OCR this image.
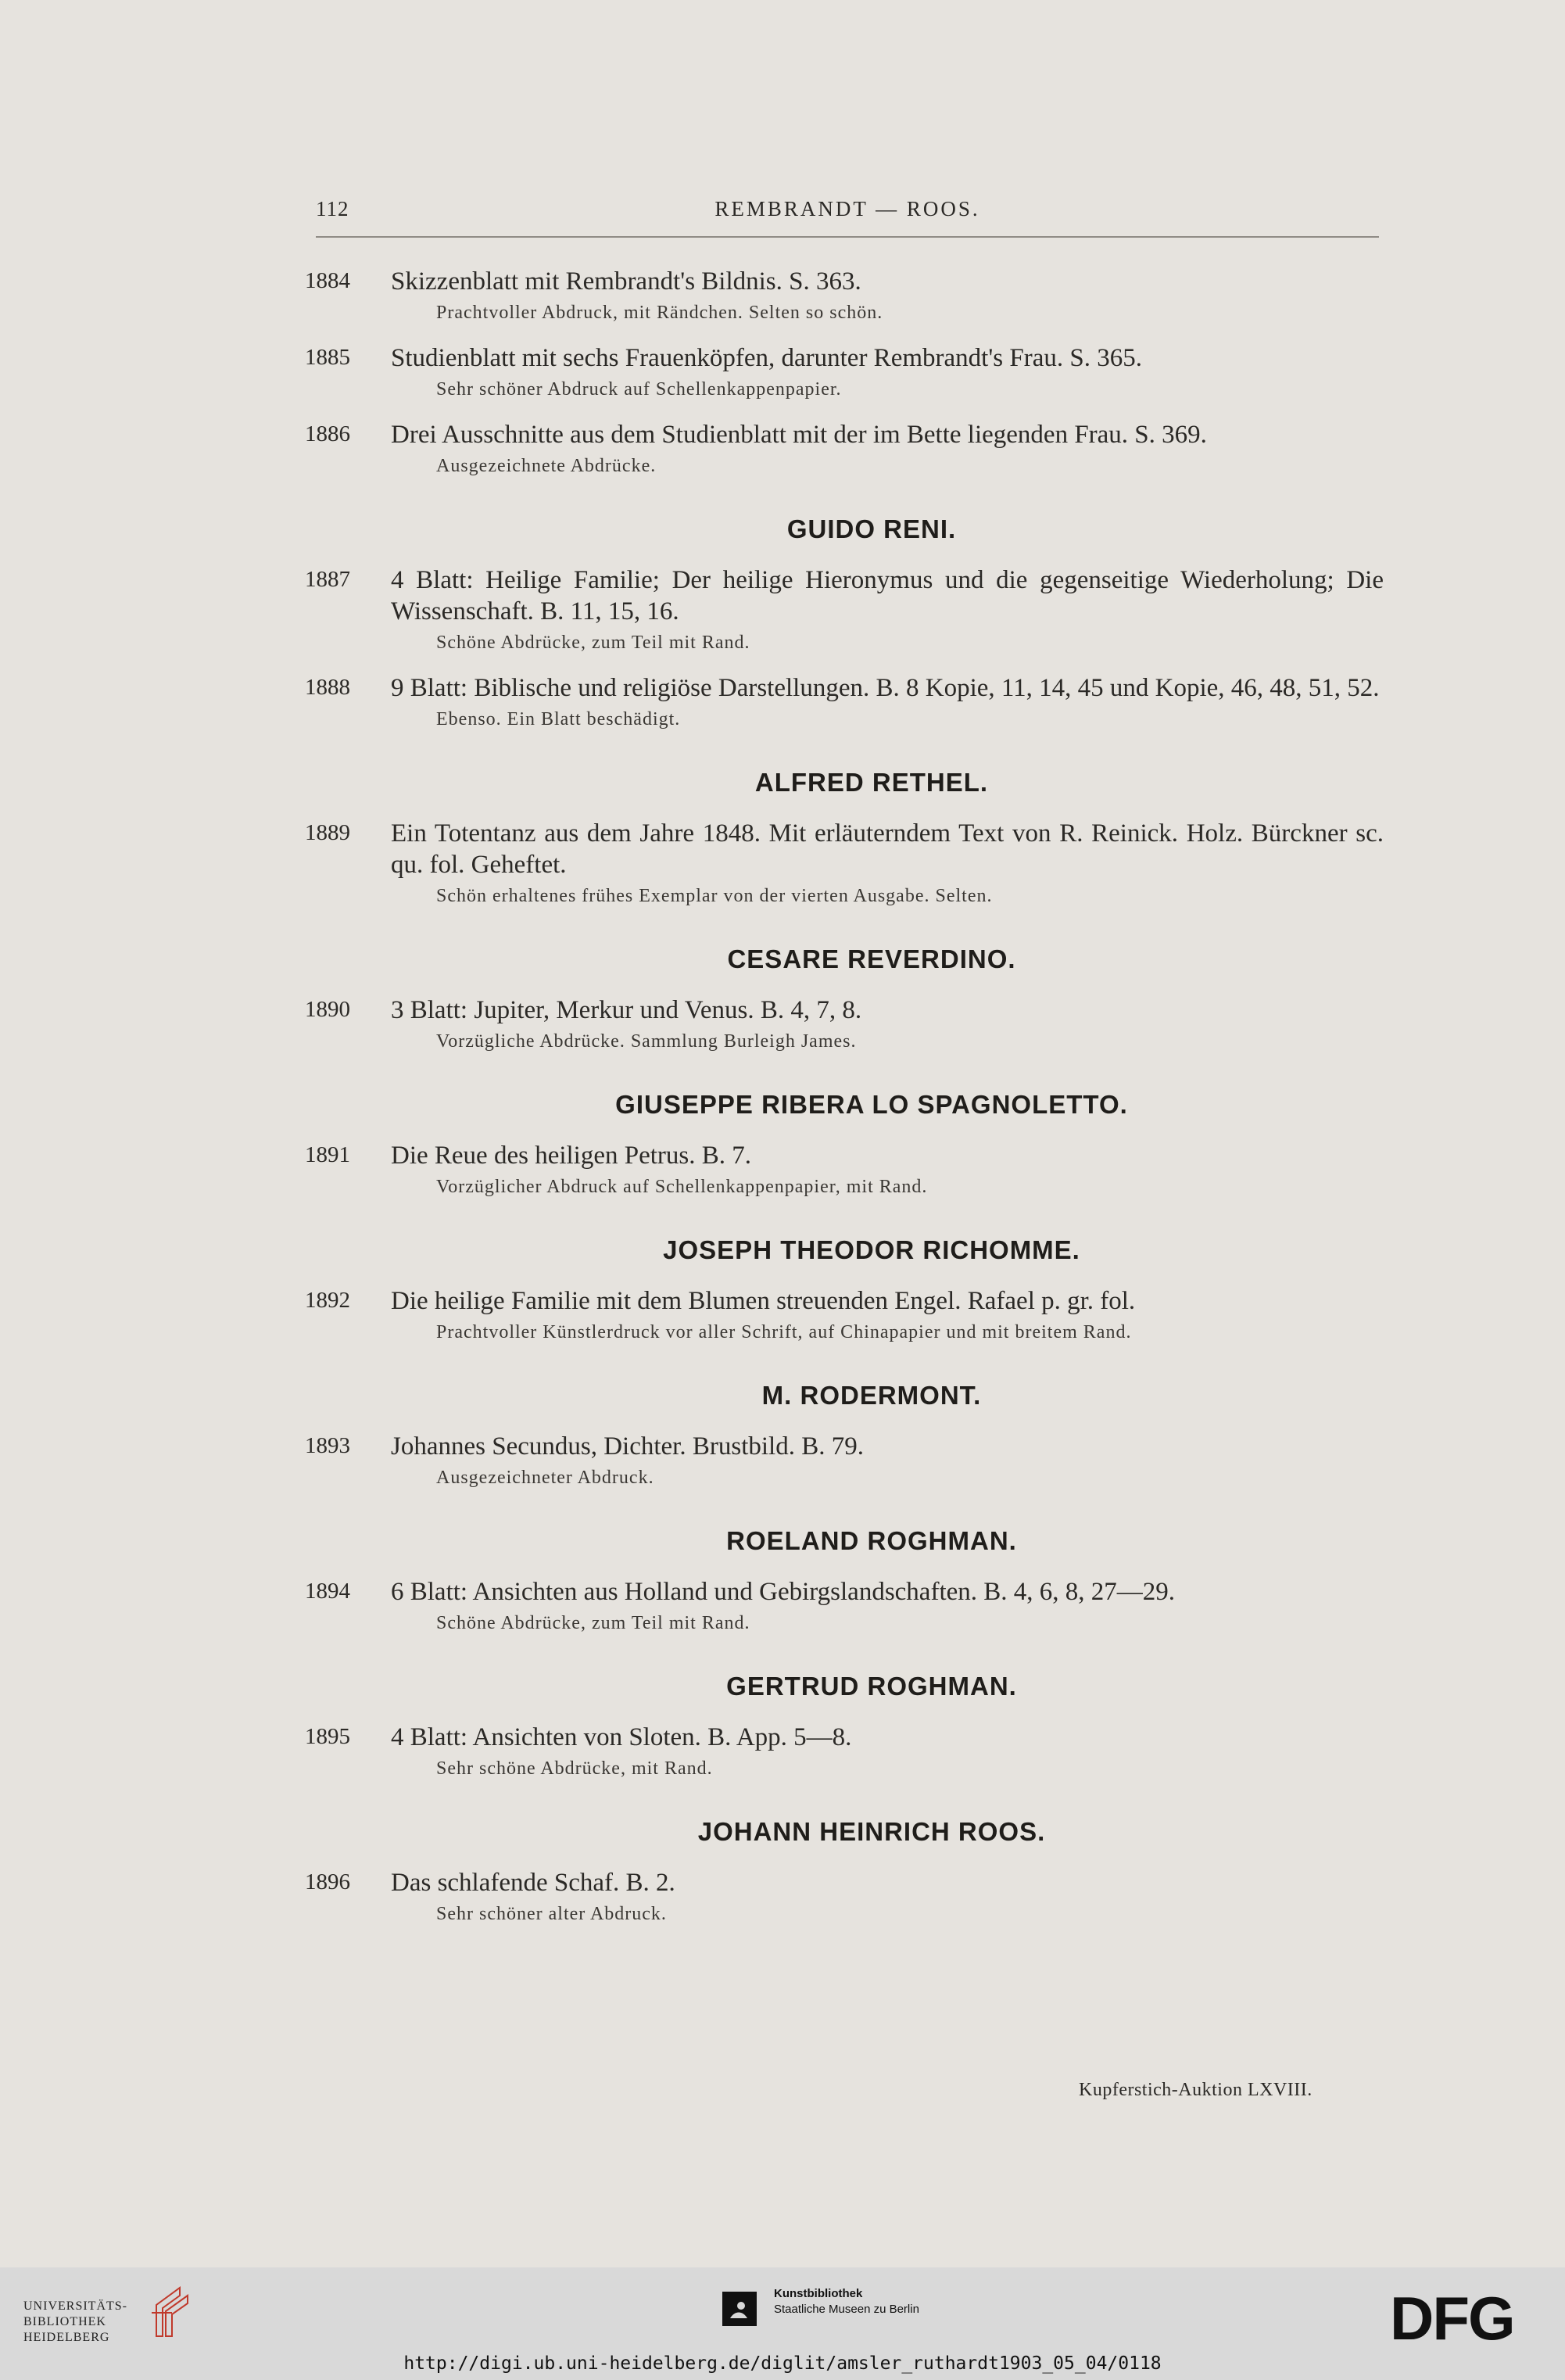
112	REMBRANDT — ROOS.
1884	Skizzenblatt mit Rembrandt's Bildnis. S. 363.
Prachtvoller Abdruck, mit Rändchen. Selten so schön.
1885	Studienblatt mit sechs Frauenköpfen, darunter Rembrandt's Frau. S. 365.
Sehr schöner Abdruck auf Schellenkappenpapier.
1886	Drei Ausschnitte aus dem Studienblatt mit der im Bette liegenden Frau. S. 369.
Ausgezeichnete Abdrücke.
GUIDO RENI.
1887	4 Blatt: Heilige Familie; Der heilige Hieronymus und die gegenseitige Wiederholung; Die Wissenschaft. B. 11, 15, 16.
Schöne Abdrücke, zum Teil mit Rand.
1888	9 Blatt: Biblische und religiöse Darstellungen. B. 8 Kopie, 11, 14, 45 und Kopie, 46, 48, 51, 52.
Ebenso. Ein Blatt beschädigt.
ALFRED RETHEL.
1889	Ein Totentanz aus dem Jahre 1848. Mit erläuterndem Text von R. Reinick. Holz. Bürckner sc. qu. fol. Geheftet.
Schön erhaltenes frühes Exemplar von der vierten Ausgabe. Selten.
CESARE REVERDINO.
1890	3 Blatt: Jupiter, Merkur und Venus. B. 4, 7, 8.
Vorzügliche Abdrücke. Sammlung Burleigh James.
GIUSEPPE RIBERA LO SPAGNOLETTO.
1891	Die Reue des heiligen Petrus. B. 7.
Vorzüglicher Abdruck auf Schellenkappenpapier, mit Rand.
JOSEPH THEODOR RICHOMME.
1892	Die heilige Familie mit dem Blumen streuenden Engel. Rafael p. gr. fol.
Prachtvoller Künstlerdruck vor aller Schrift, auf Chinapapier und mit breitem Rand.
M. RODERMONT.
1893	Johannes Secundus, Dichter. Brustbild. B. 79.
Ausgezeichneter Abdruck.
ROELAND ROGHMAN.
1894	6 Blatt: Ansichten aus Holland und Gebirgslandschaften. B. 4, 6, 8, 27—29.
Schöne Abdrücke, zum Teil mit Rand.
GERTRUD ROGHMAN.
1895	4 Blatt: Ansichten von Sloten. B. App. 5—8.
Sehr schöne Abdrücke, mit Rand.
JOHANN HEINRICH ROOS.
1896	Das schlafende Schaf. B. 2.
Sehr schöner alter Abdruck.
Kupferstich-Auktion LXVIII.
UNIVERSITÄTS-
BIBLIOTHEK
HEIDELBERG
Kunstbibliothek
Staatliche Museen zu Berlin	DFG
http://digi.ub.uni-heidelberg.de/diglit/amsler_ruthardt1903_05_04/0118
